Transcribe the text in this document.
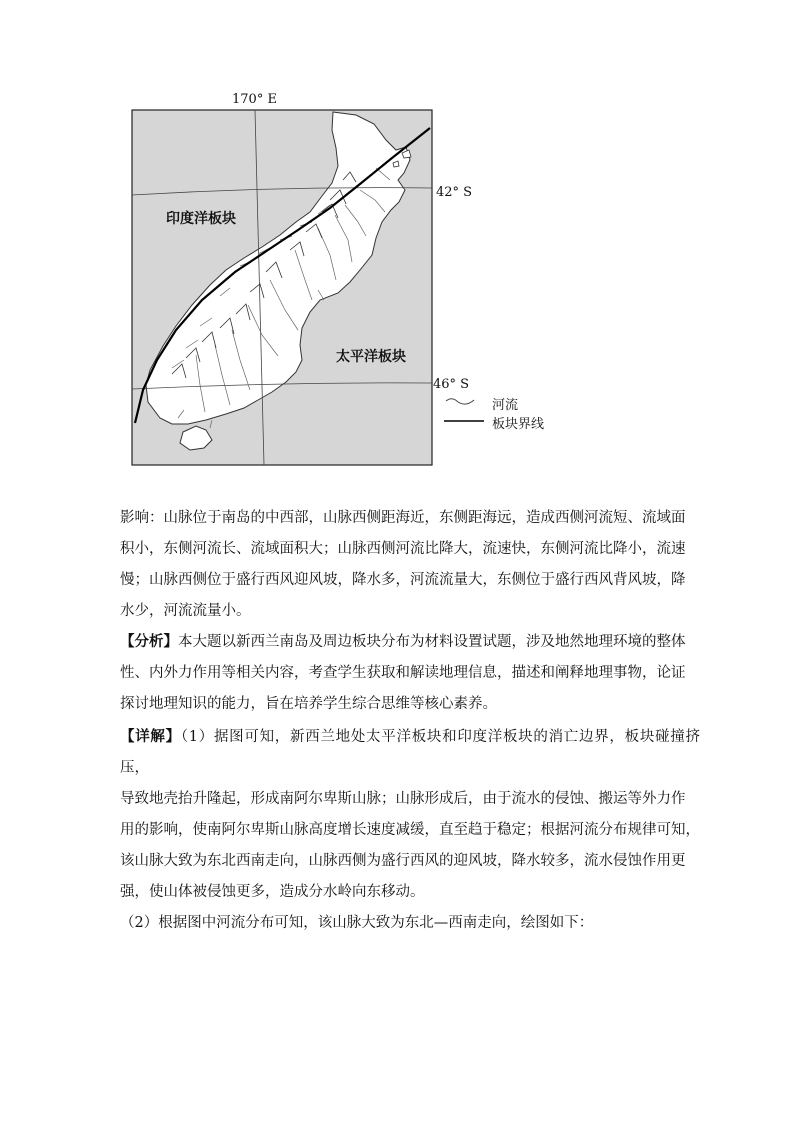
170° E
42° S
46° S
印度洋板块
太平洋板块
河流
板块界线

影响：山脉位于南岛的中西部，山脉西侧距海近，东侧距海远，造成西侧河流短、流域面

积小，东侧河流长、流域面积大；山脉西侧河流比降大，流速快，东侧河流比降小，流速

慢；山脉西侧位于盛行西风迎风坡，降水多，河流流量大，东侧位于盛行西风背风坡，降

水少，河流流量小。

【分析】本大题以新西兰南岛及周边板块分布为材料设置试题，涉及地然地理环境的整体

性、内外力作用等相关内容，考查学生获取和解读地理信息，描述和阐释地理事物，论证

探讨地理知识的能力，旨在培养学生综合思维等核心素养。

【详解】（1）据图可知，新西兰地处太平洋板块和印度洋板块的消亡边界，板块碰撞挤压，

导致地壳抬升隆起，形成南阿尔卑斯山脉；山脉形成后，由于流水的侵蚀、搬运等外力作

用的影响，使南阿尔卑斯山脉高度增长速度减缓，直至趋于稳定；根据河流分布规律可知，

该山脉大致为东北西南走向，山脉西侧为盛行西风的迎风坡，降水较多，流水侵蚀作用更

强，使山体被侵蚀更多，造成分水岭向东移动。

（2）根据图中河流分布可知，该山脉大致为东北—西南走向，绘图如下：
